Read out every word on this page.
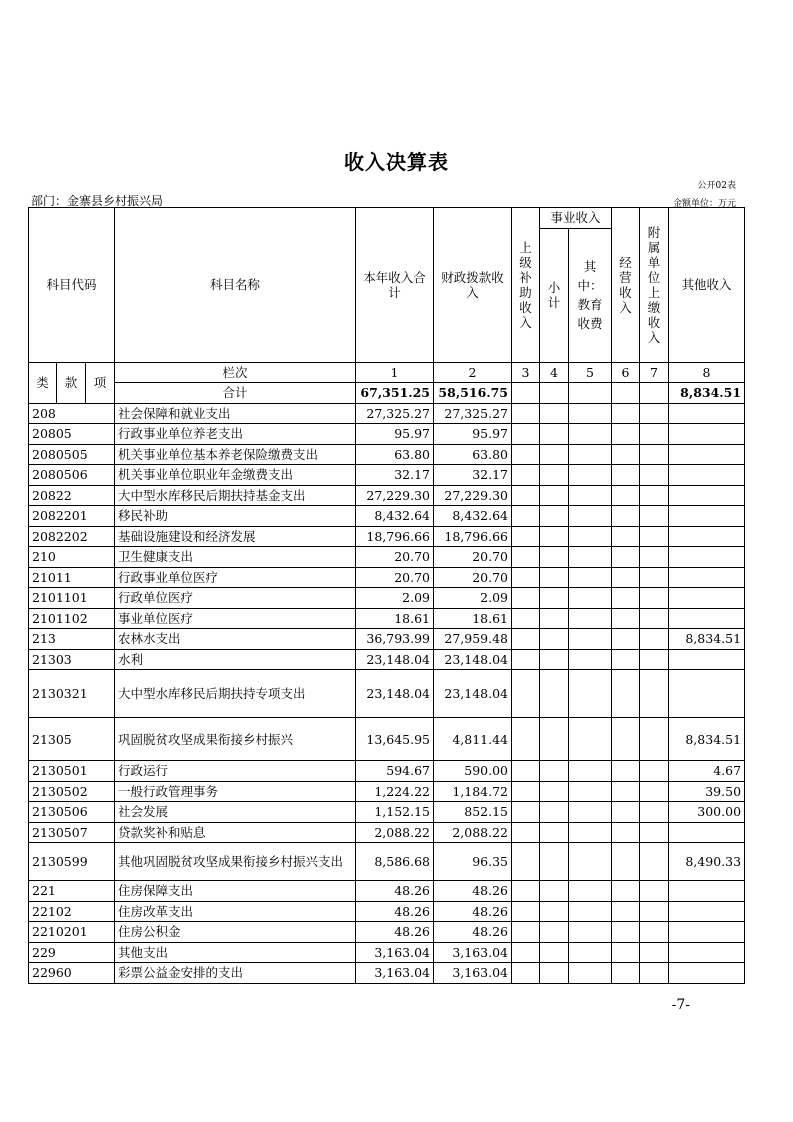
收入决算表
公开02表
部门：金寨县乡村振兴局	金额单位：万元
科目代码			科目名称	本年收入合计	财政拨款收入	上级补助收入	事业收入		经营收入	附属单位上缴收入	其他收入
							小计	其中：教育收费			
类	款	项	栏次	1	2	3	4	5	6	7	8
			合计	67,351.25	58,516.75						8,834.51
208			社会保障和就业支出	27,325.27	27,325.27						
20805			行政事业单位养老支出	95.97	95.97						
2080505			机关事业单位基本养老保险缴费支出	63.80	63.80						
2080506			机关事业单位职业年金缴费支出	32.17	32.17						
20822			大中型水库移民后期扶持基金支出	27,229.30	27,229.30						
2082201			移民补助	8,432.64	8,432.64						
2082202			基础设施建设和经济发展	18,796.66	18,796.66						
210			卫生健康支出	20.70	20.70						
21011			行政事业单位医疗	20.70	20.70						
2101101			行政单位医疗	2.09	2.09						
2101102			事业单位医疗	18.61	18.61						
213			农林水支出	36,793.99	27,959.48						8,834.51
21303			水利	23,148.04	23,148.04						
2130321			大中型水库移民后期扶持专项支出	23,148.04	23,148.04						
21305			巩固脱贫攻坚成果衔接乡村振兴	13,645.95	4,811.44						8,834.51
2130501			行政运行	594.67	590.00						4.67
2130502			一般行政管理事务	1,224.22	1,184.72						39.50
2130506			社会发展	1,152.15	852.15						300.00
2130507			贷款奖补和贴息	2,088.22	2,088.22						
2130599			其他巩固脱贫攻坚成果衔接乡村振兴支出	8,586.68	96.35						8,490.33
221			住房保障支出	48.26	48.26						
22102			住房改革支出	48.26	48.26						
2210201			住房公积金	48.26	48.26						
229			其他支出	3,163.04	3,163.04						
22960			彩票公益金安排的支出	3,163.04	3,163.04						
-7-
